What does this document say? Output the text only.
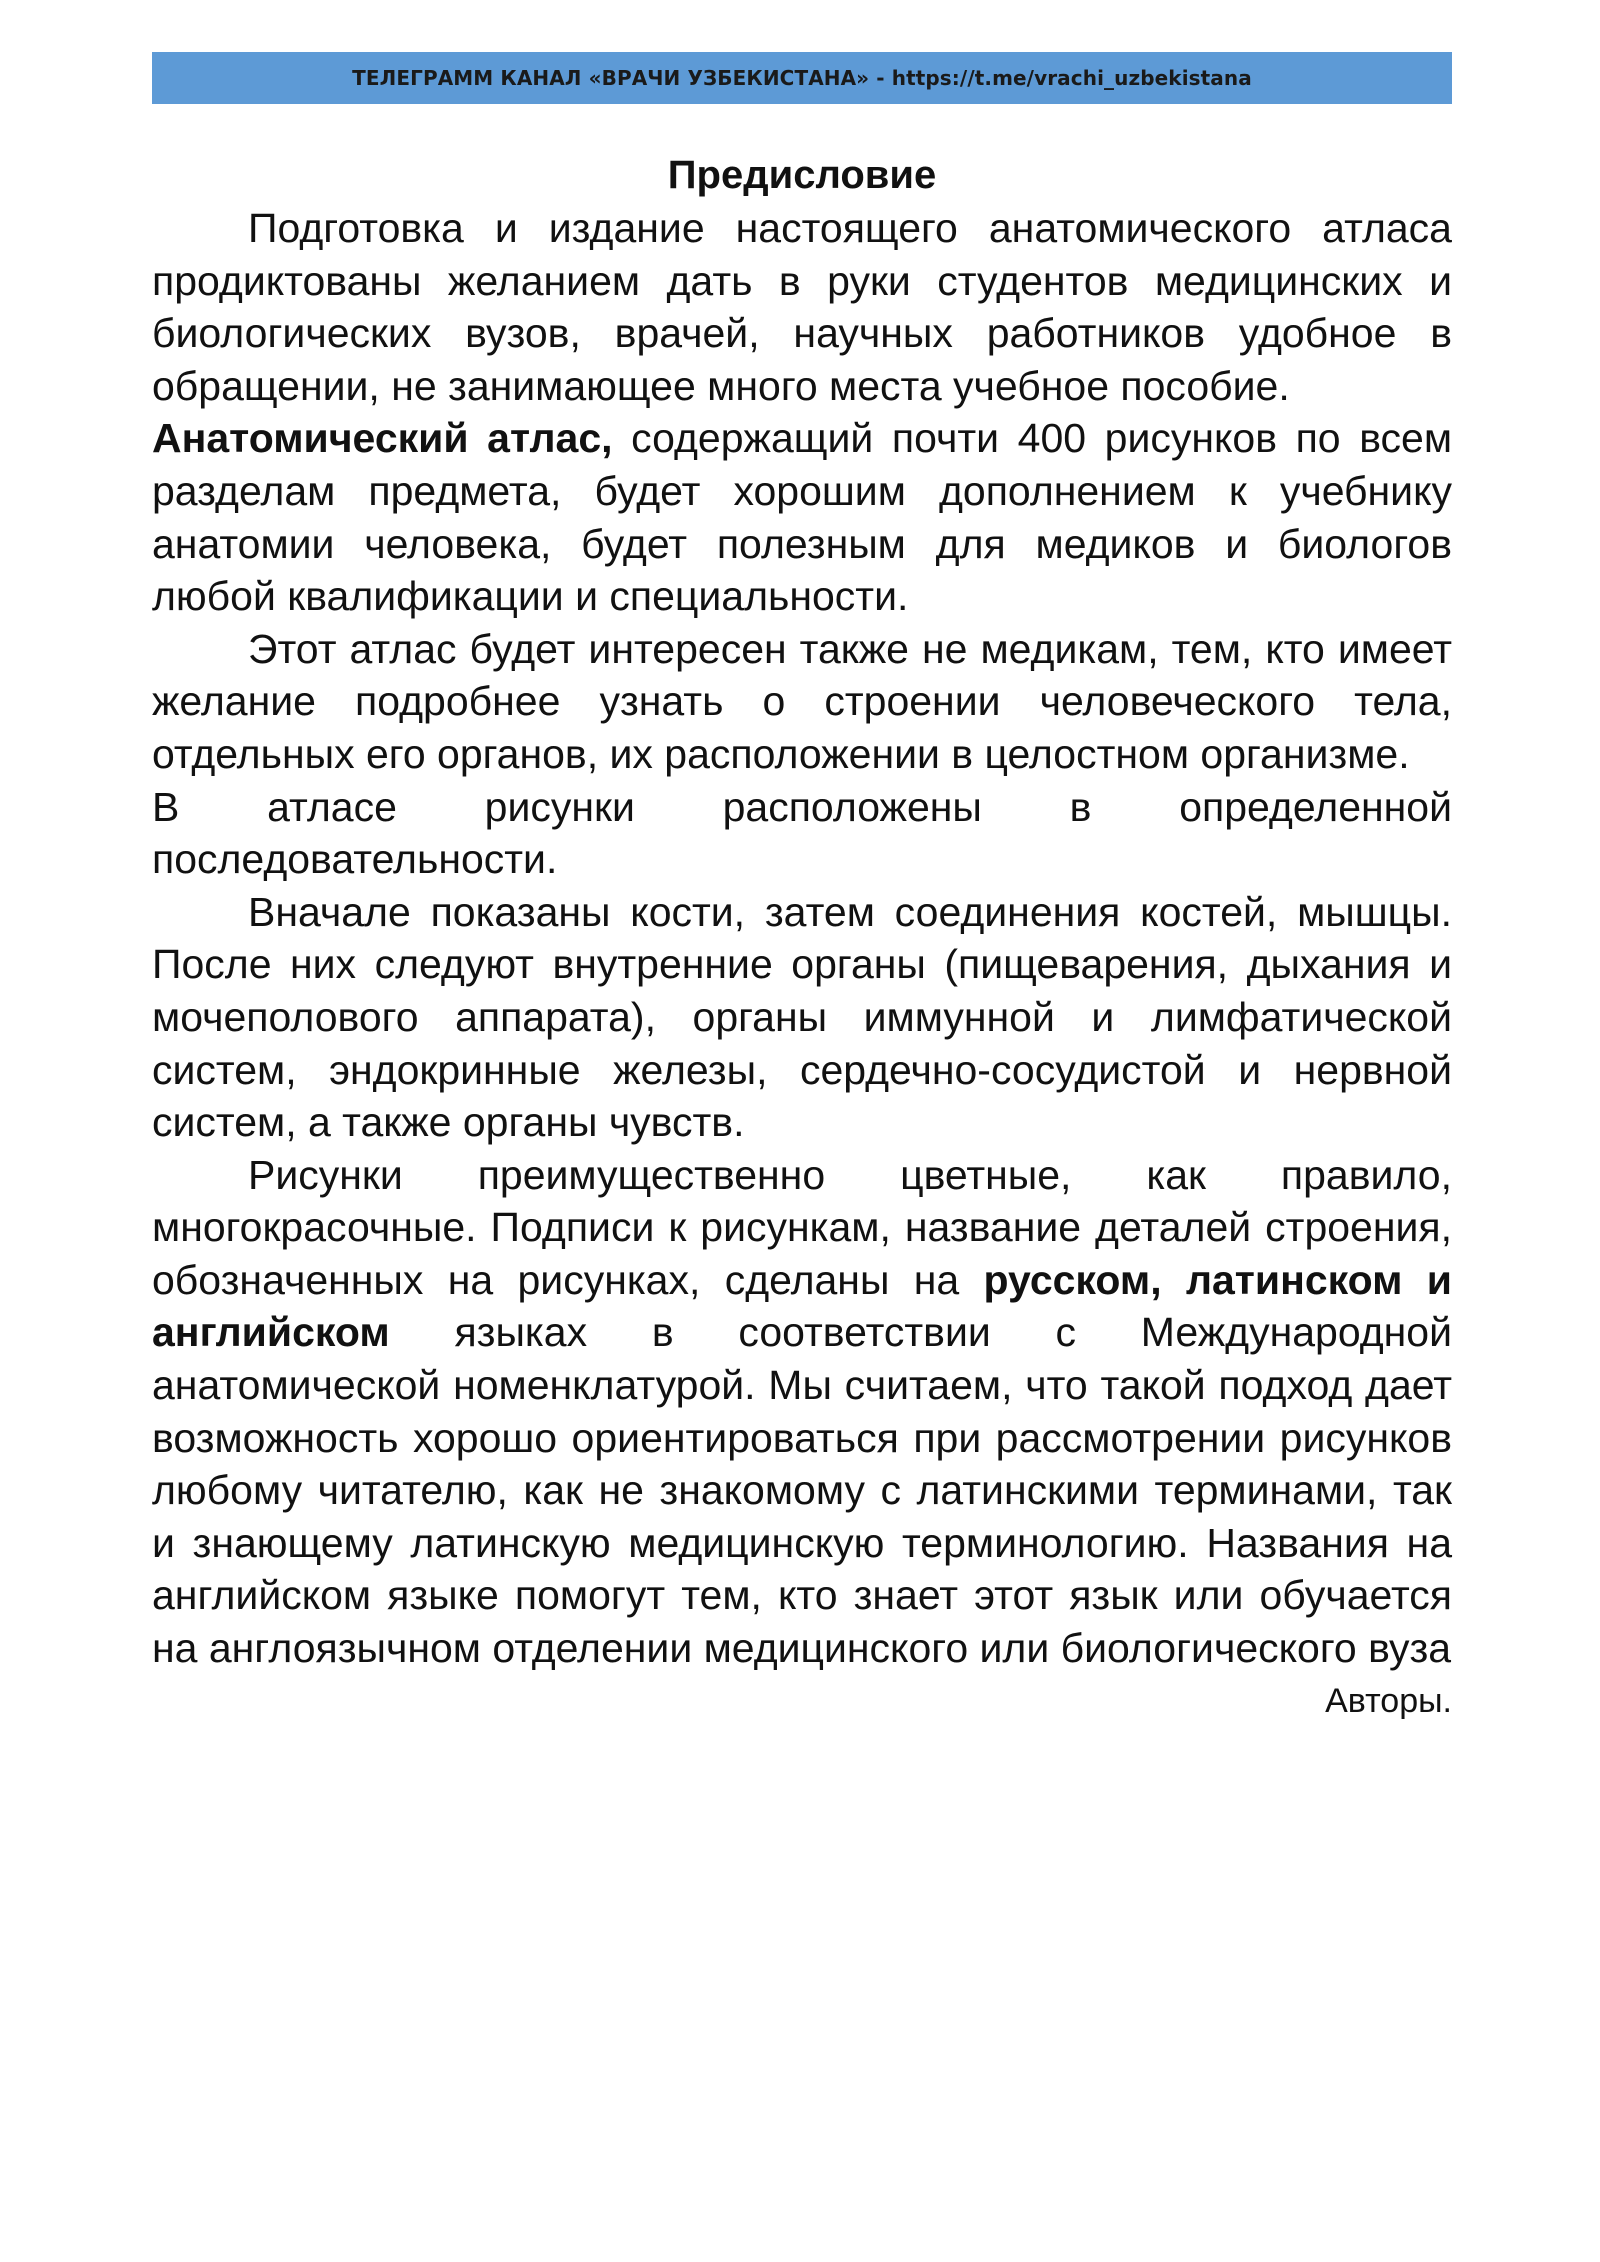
ТЕЛЕГРАММ КАНАЛ «ВРАЧИ УЗБЕКИСТАНА» - https://t.me/vrachi_uzbekistana
Предисловие

Подготовка и издание настоящего анатомического атласа продиктованы желанием дать в руки студентов медицинских и биологических вузов, врачей, научных работников удобное в обращении, не занимающее много места учебное пособие.

Анатомический атлас, содержащий почти 400 рисунков по всем разделам предмета, будет хорошим дополнением к учебнику анатомии человека, будет полезным для медиков и биологов любой квалификации и специальности.

Этот атлас будет интересен также не медикам, тем, кто имеет желание подробнее узнать о строении человеческого тела, отдельных его органов, их расположении в целостном организме.

В атласе рисунки расположены в определенной последовательности.

Вначале показаны кости, затем соединения костей, мышцы. После них следуют внутренние органы (пищеварения, дыхания и мочеполового аппарата), органы иммунной и лимфатической систем, эндокринные железы, сердечно-сосудистой и нервной систем, а также органы чувств.

Рисунки преимущественно цветные, как правило, многокрасочные. Подписи к рисункам, название деталей строения, обозначенных на рисунках, сделаны на русском, латинском и английском языках в соответствии с Международной анатомической номенклатурой. Мы считаем, что такой подход дает возможность хорошо ориентироваться при рассмотрении рисунков любому читателю, как не знакомому с латинскими терминами, так и знающему латинскую медицинскую терминологию. Названия на английском языке помогут тем, кто знает этот язык или обучается на англоязычном отделении медицинского или биологического вуза

Авторы.
